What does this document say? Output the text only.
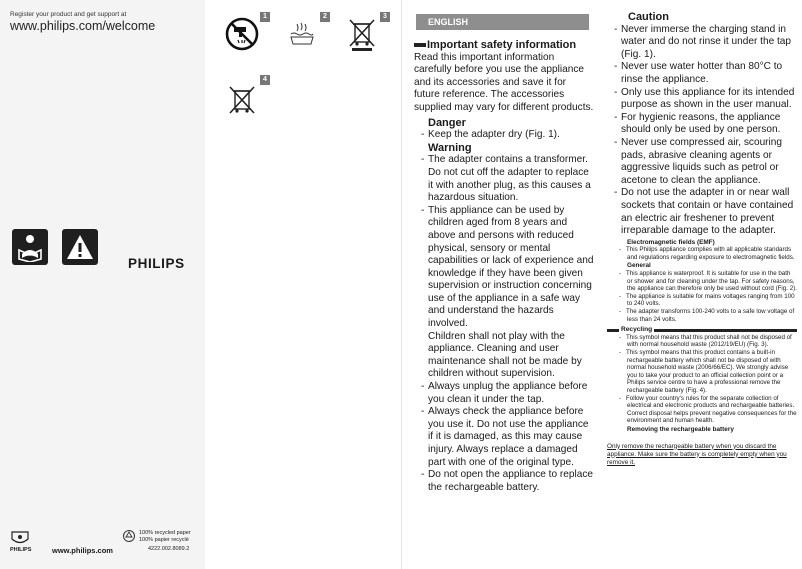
Register your product and get support at
www.philips.com/welcome
PHILIPS
PHILIPS	www.philips.com
100% recycled paper
100% papier recyclé
4222.002.8089.2
1	2	3
4
ENGLISH
Important safety information
Read this important information carefully before you use the appliance and its accessories and save it for future reference. The accessories supplied may vary for different products.
Danger
- Keep the adapter dry (Fig. 1).
Warning
- The adapter contains a transformer. Do not cut off the adapter to replace it with another plug, as this causes a hazardous situation.
- This appliance can be used by children aged from 8 years and above and persons with reduced physical, sensory or mental capabilities or lack of experience and knowledge if they have been given supervision or instruction concerning use of the appliance in a safe way and understand the hazards involved.
Children shall not play with the appliance. Cleaning and user maintenance shall not be made by children without supervision.
- Always unplug the appliance before you clean it under the tap.
- Always check the appliance before you use it. Do not use the appliance if it is damaged, as this may cause injury. Always replace a damaged part with one of the original type.
- Do not open the appliance to replace the rechargeable battery.
Caution
- Never immerse the charging stand in water and do not rinse it under the tap (Fig. 1).
- Never use water hotter than 80°C to rinse the appliance.
- Only use this appliance for its intended purpose as shown in the user manual.
- For hygienic reasons, the appliance should only be used by one person.
- Never use compressed air, scouring pads, abrasive cleaning agents or aggressive liquids such as petrol or acetone to clean the appliance.
- Do not use the adapter in or near wall sockets that contain or have contained an electric air freshener to prevent irreparable damage to the adapter.
Electromagnetic fields (EMF)
- This Philips appliance complies with all applicable standards and regulations regarding exposure to electromagnetic fields.
General
- This appliance is waterproof. It is suitable for use in the bath or shower and for cleaning under the tap. For safety reasons, the appliance can therefore only be used without cord (Fig. 2).
- The appliance is suitable for mains voltages ranging from 100 to 240 volts.
- The adapter transforms 100-240 volts to a safe low voltage of less than 24 volts.
Recycling
- This symbol means that this product shall not be disposed of with normal household waste (2012/19/EU) (Fig. 3).
- This symbol means that this product contains a built-in rechargeable battery which shall not be disposed of with normal household waste (2006/66/EC). We strongly advise you to take your product to an official collection point or a Philips service centre to have a professional remove the rechargeable battery (Fig. 4).
- Follow your country's rules for the separate collection of electrical and electronic products and rechargeable batteries. Correct disposal helps prevent negative consequences for the environment and human health.
Removing the rechargeable battery
Only remove the rechargeable battery when you discard the appliance. Make sure the battery is completely empty when you remove it.
